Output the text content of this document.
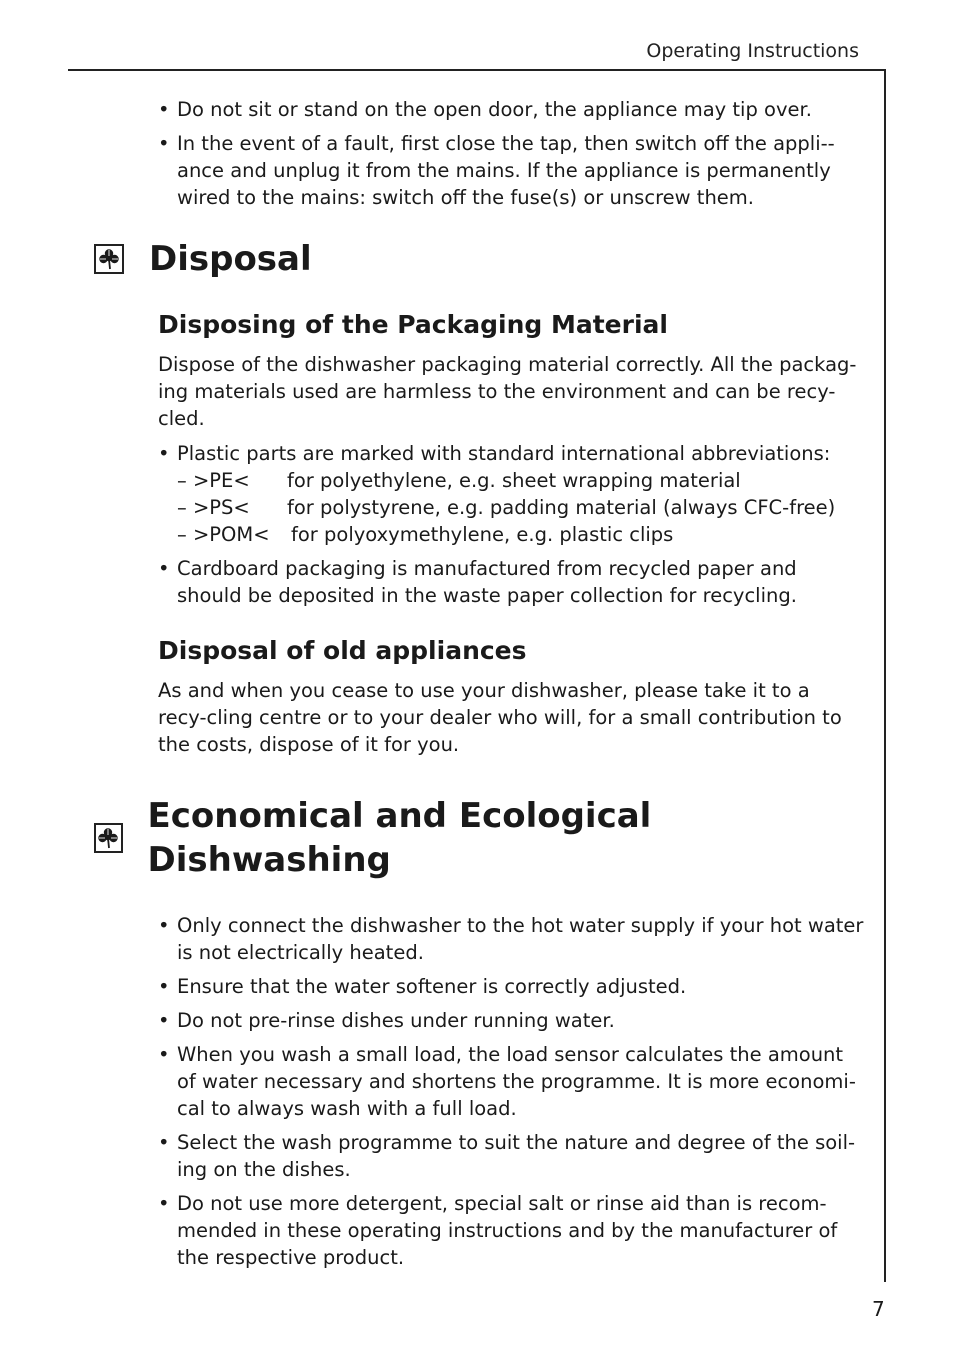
Operating Instructions
7
• Do not sit or stand on the open door, the appliance may tip over.
• In the event of a fault, first close the tap, then switch off the appli-ance and unplug it from the mains. If the appliance is permanently wired to the mains: switch off the fuse(s) or unscrew them.
Disposal
Disposing of the Packaging Material

Dispose of the dishwasher packaging material correctly. All the packag-ing materials used are harmless to the environment and can be recy-cled.

• Plastic parts are marked with standard international abbreviations:
– >PE<	for polyethylene, e.g. sheet wrapping material
– >PS<	for polystyrene, e.g. padding material (always CFC-free)
– >POM<	for polyoxymethylene, e.g. plastic clips
• Cardboard packaging is manufactured from recycled paper and should be deposited in the waste paper collection for recycling.
Disposal of old appliances

As and when you cease to use your dishwasher, please take it to a recy-cling centre or to your dealer who will, for a small contribution to the costs, dispose of it for you.

Economical and Ecological Dishwashing
• Only connect the dishwasher to the hot water supply if your hot water is not electrically heated.
• Ensure that the water softener is correctly adjusted.
• Do not pre-rinse dishes under running water.
• When you wash a small load, the load sensor calculates the amount of water necessary and shortens the programme. It is more economi-cal to always wash with a full load.
• Select the wash programme to suit the nature and degree of the soil-ing on the dishes.
• Do not use more detergent, special salt or rinse aid than is recom-mended in these operating instructions and by the manufacturer of the respective product.
